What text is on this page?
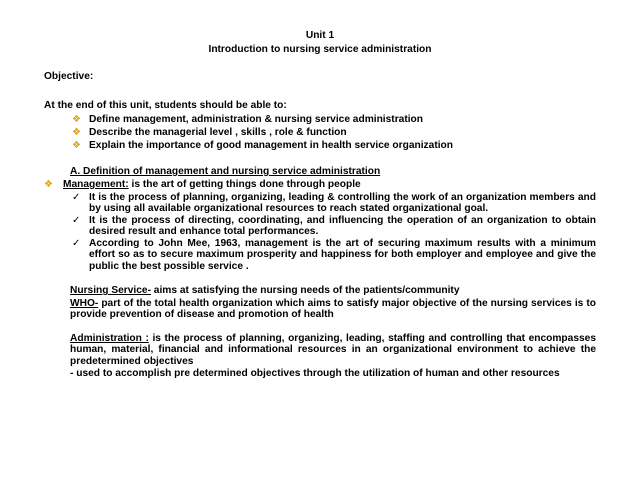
Unit 1
Introduction to nursing service administration
Objective:
At the end of this unit, students should be able to:
❖ Define management, administration & nursing service administration
❖ Describe the managerial level , skills , role & function
❖ Explain the importance of good management in health service organization
A. Definition of management and nursing service administration
❖ Management: is the art of getting things done through people
✓ It is the process of planning, organizing, leading & controlling the work of an organization members and by using all available organizational resources to reach stated organizational goal.
✓ It is the process of directing, coordinating, and influencing the operation of an organization to obtain desired result and enhance total performances.
✓ According to John Mee, 1963, management is the art of securing maximum results with a minimum effort so as to secure maximum prosperity and happiness for both employer and employee and give the public the best possible service .
Nursing Service- aims at satisfying the nursing needs of the patients/community
WHO- part of the total health organization which aims to satisfy major objective of the nursing services is to provide prevention of disease and promotion of health
Administration : is the process of planning, organizing, leading, staffing and controlling that encompasses human, material, financial and informational resources in an organizational environment to achieve the predetermined objectives
- used to accomplish pre determined objectives through the utilization of human and other resources
